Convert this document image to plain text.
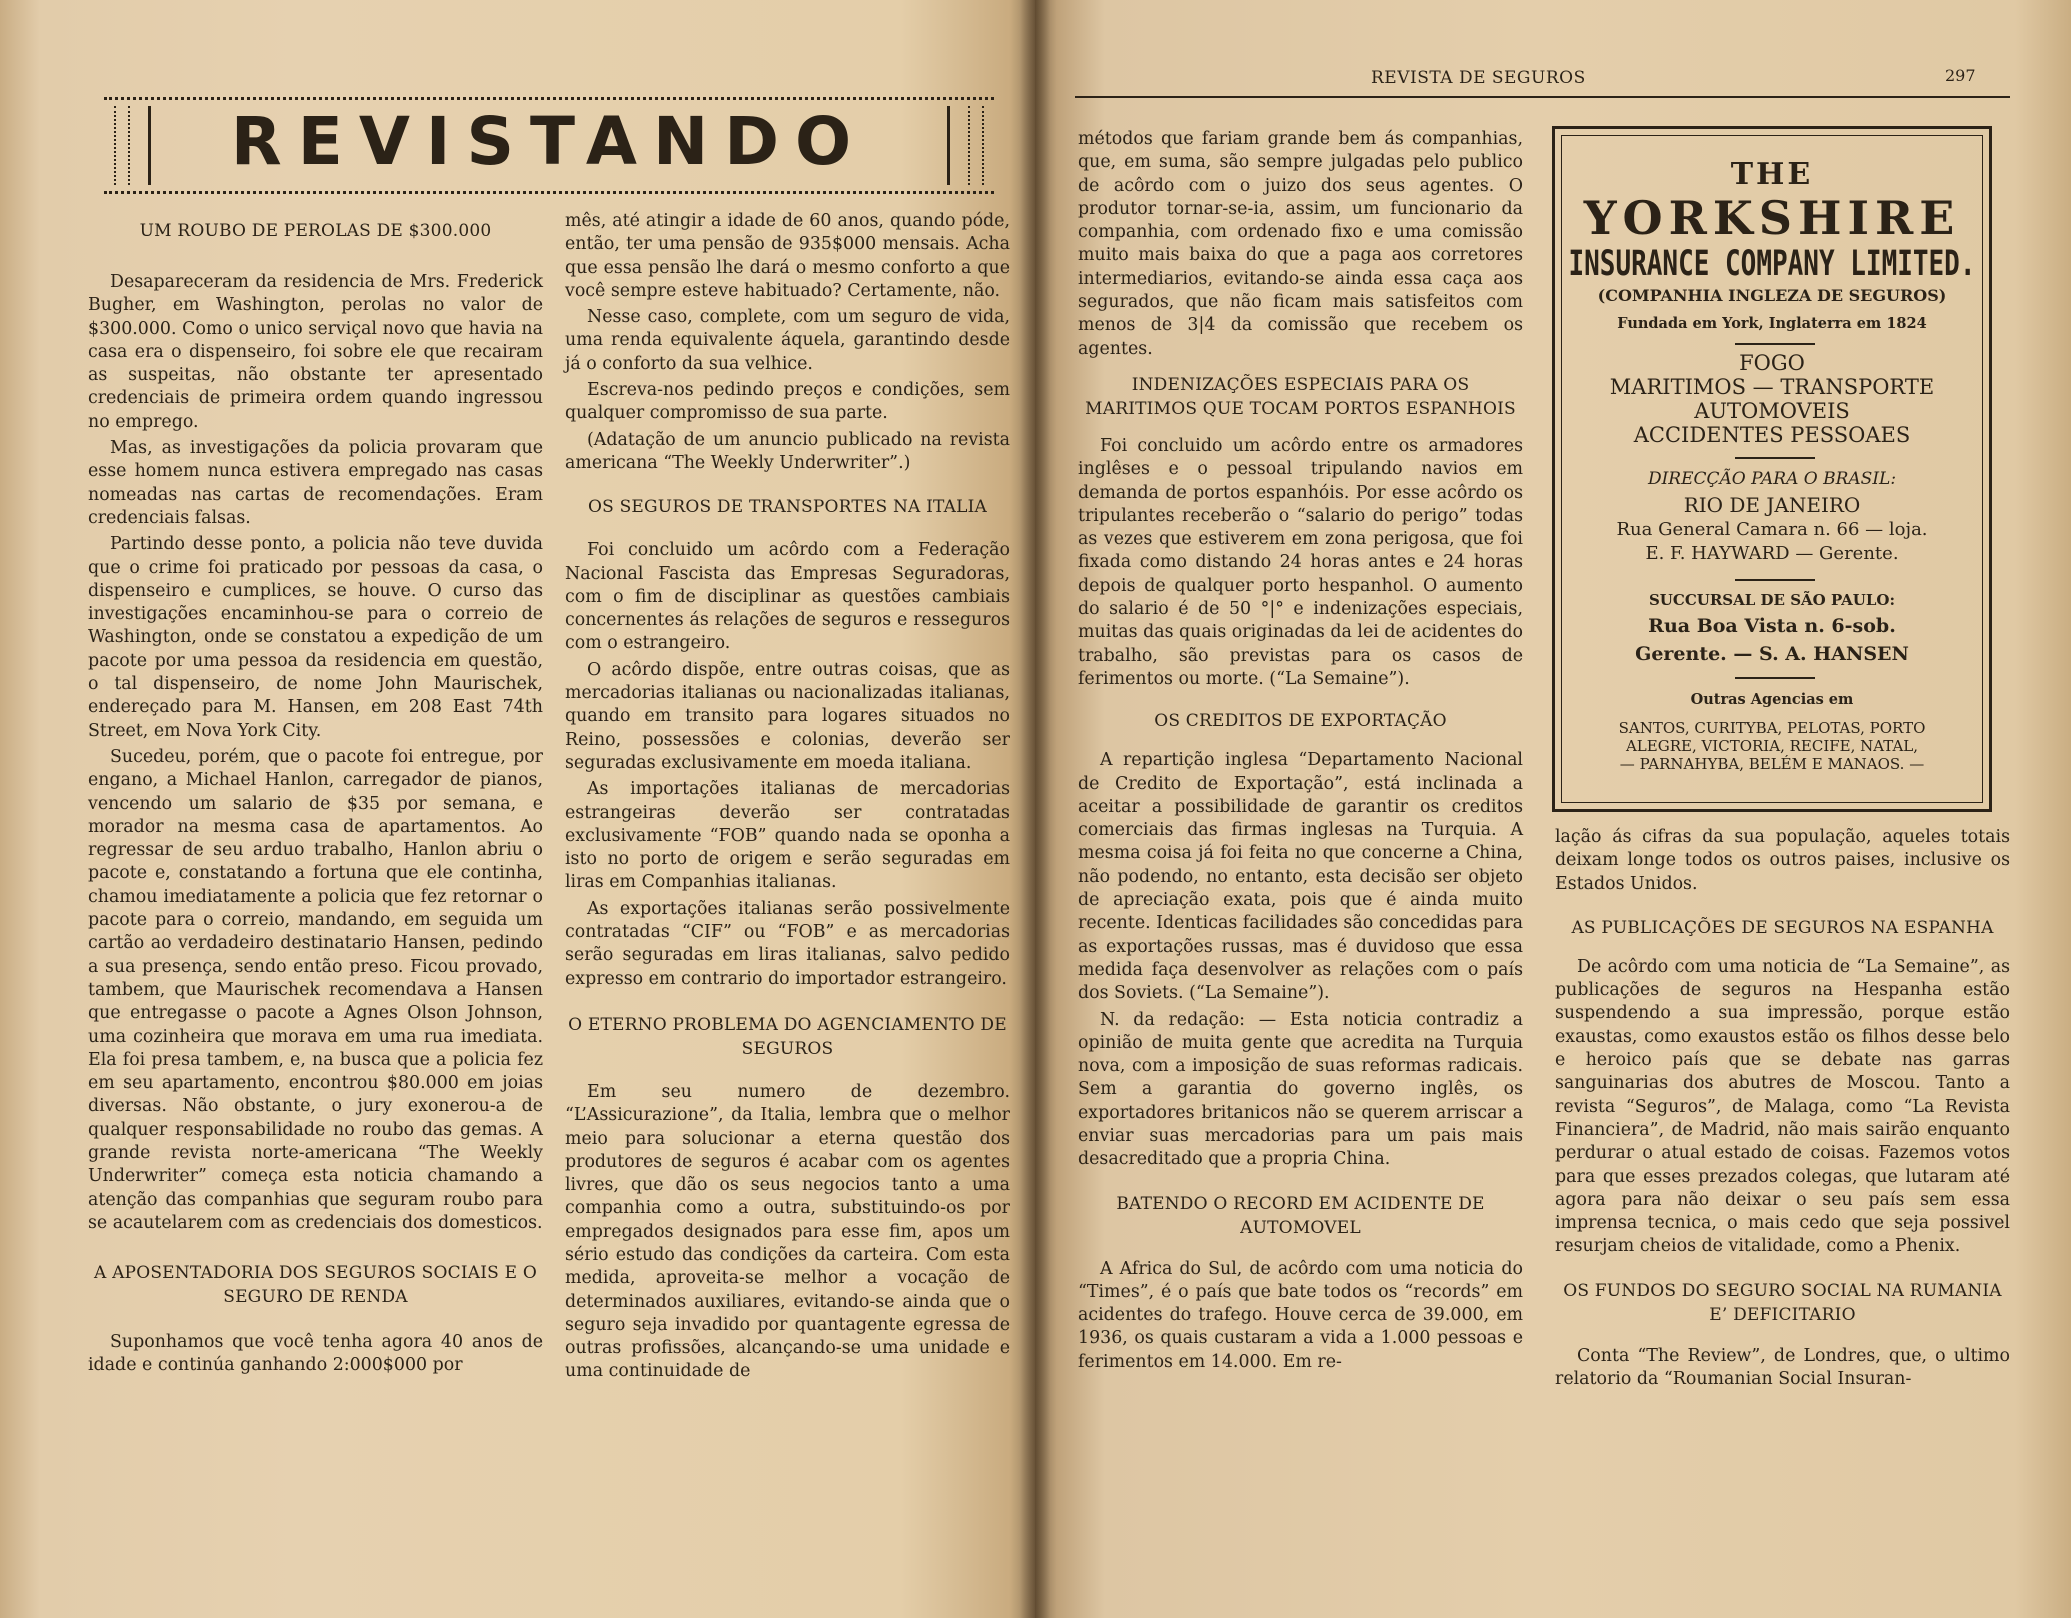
REVISTANDO
UM ROUBO DE PEROLAS DE $300.000

Desapareceram da residencia de Mrs. Frederick Bugher, em Washington, perolas no valor de $300.000. Como o unico serviçal novo que havia na casa era o dispenseiro, foi sobre ele que recairam as suspeitas, não obstante ter apresentado credenciais de primeira ordem quando ingressou no emprego.

Mas, as investigações da policia provaram que esse homem nunca estivera empregado nas casas nomeadas nas cartas de recomendações. Eram credenciais falsas.

Partindo desse ponto, a policia não teve duvida que o crime foi praticado por pessoas da casa, o dispenseiro e cumplices, se houve. O curso das investigações encaminhou-se para o correio de Washington, onde se constatou a expedição de um pacote por uma pessoa da residencia em questão, o tal dispenseiro, de nome John Maurischek, endereçado para M. Hansen, em 208 East 74th Street, em Nova York City.

Sucedeu, porém, que o pacote foi entregue, por engano, a Michael Hanlon, carregador de pianos, vencendo um salario de $35 por semana, e morador na mesma casa de apartamentos. Ao regressar de seu arduo trabalho, Hanlon abriu o pacote e, constatando a fortuna que ele continha, chamou imediatamente a policia que fez retornar o pacote para o correio, mandando, em seguida um cartão ao verdadeiro destinatario Hansen, pedindo a sua presença, sendo então preso. Ficou provado, tambem, que Maurischek recomendava a Hansen que entregasse o pacote a Agnes Olson Johnson, uma cozinheira que morava em uma rua imediata. Ela foi presa tambem, e, na busca que a policia fez em seu apartamento, encontrou $80.000 em joias diversas. Não obstante, o jury exonerou-a de qualquer responsabilidade no roubo das gemas. A grande revista norte-americana “The Weekly Underwriter” começa esta noticia chamando a atenção das companhias que seguram roubo para se acautelarem com as credenciais dos domesticos.

A APOSENTADORIA DOS SEGUROS SOCIAIS E O SEGURO DE RENDA

Suponhamos que você tenha agora 40 anos de idade e continúa ganhando 2:000$000 por

mês, até atingir a idade de 60 anos, quando póde, então, ter uma pensão de 935$000 mensais. Acha que essa pensão lhe dará o mesmo conforto a que você sempre esteve habituado? Certamente, não.

Nesse caso, complete, com um seguro de vida, uma renda equivalente áquela, garantindo desde já o conforto da sua velhice.

Escreva-nos pedindo preços e condições, sem qualquer compromisso de sua parte.

(Adatação de um anuncio publicado na revista americana “The Weekly Underwriter”.)

OS SEGUROS DE TRANSPORTES NA ITALIA

Foi concluido um acôrdo com a Federação Nacional Fascista das Empresas Seguradoras, com o fim de disciplinar as questões cambiais concernentes ás relações de seguros e resseguros com o estrangeiro.

O acôrdo dispõe, entre outras coisas, que as mercadorias italianas ou nacionalizadas italianas, quando em transito para logares situados no Reino, possessões e colonias, deverão ser seguradas exclusivamente em moeda italiana.

As importações italianas de mercadorias estrangeiras deverão ser contratadas exclusivamente “FOB” quando nada se oponha a isto no porto de origem e serão seguradas em liras em Companhias italianas.

As exportações italianas serão possivelmente contratadas “CIF” ou “FOB” e as mercadorias serão seguradas em liras italianas, salvo pedido expresso em contrario do importador estrangeiro.

O ETERNO PROBLEMA DO AGENCIAMENTO DE SEGUROS

Em seu numero de dezembro. “L’Assicurazione”, da Italia, lembra que o melhor meio para solucionar a eterna questão dos produtores de seguros é acabar com os agentes livres, que dão os seus negocios tanto a uma companhia como a outra, substituindo-os por empregados designados para esse fim, apos um sério estudo das condições da carteira. Com esta medida, aproveita-se melhor a vocação de determinados auxiliares, evitando-se ainda que o seguro seja invadido por quantagente egressa de outras profissões, alcançando-se uma unidade e uma continuidade de

REVISTA DE SEGUROS	297

métodos que fariam grande bem ás companhias, que, em suma, são sempre julgadas pelo publico de acôrdo com o juizo dos seus agentes. O produtor tornar-se-ia, assim, um funcionario da companhia, com ordenado fixo e uma comissão muito mais baixa do que a paga aos corretores intermediarios, evitando-se ainda essa caça aos segurados, que não ficam mais satisfeitos com menos de 3|4 da comissão que recebem os agentes.

INDENIZAÇÕES ESPECIAIS PARA OS MARITIMOS QUE TOCAM PORTOS ESPANHOIS

Foi concluido um acôrdo entre os armadores inglêses e o pessoal tripulando navios em demanda de portos espanhóis. Por esse acôrdo os tripulantes receberão o “salario do perigo” todas as vezes que estiverem em zona perigosa, que foi fixada como distando 24 horas antes e 24 horas depois de qualquer porto hespanhol. O aumento do salario é de 50 °|° e indenizações especiais, muitas das quais originadas da lei de acidentes do trabalho, são previstas para os casos de ferimentos ou morte. (“La Semaine”).

OS CREDITOS DE EXPORTAÇÃO

A repartição inglesa “Departamento Nacional de Credito de Exportação”, está inclinada a aceitar a possibilidade de garantir os creditos comerciais das firmas inglesas na Turquia. A mesma coisa já foi feita no que concerne a China, não podendo, no entanto, esta decisão ser objeto de apreciação exata, pois que é ainda muito recente. Identicas facilidades são concedidas para as exportações russas, mas é duvidoso que essa medida faça desenvolver as relações com o país dos Soviets. (“La Semaine”).

N. da redação: — Esta noticia contradiz a opinião de muita gente que acredita na Turquia nova, com a imposição de suas reformas radicais. Sem a garantia do governo inglês, os exportadores britanicos não se querem arriscar a enviar suas mercadorias para um pais mais desacreditado que a propria China.

BATENDO O RECORD EM ACIDENTE DE AUTOMOVEL

A Africa do Sul, de acôrdo com uma noticia do “Times”, é o país que bate todos os “records” em acidentes do trafego. Houve cerca de 39.000, em 1936, os quais custaram a vida a 1.000 pessoas e ferimentos em 14.000. Em re-

THE
YORKSHIRE
INSURANCE COMPANY LIMITED.
(COMPANHIA INGLEZA DE SEGUROS)
Fundada em York, Inglaterra em 1824
FOGO
MARITIMOS — TRANSPORTE
AUTOMOVEIS
ACCIDENTES PESSOAES
DIRECÇÃO PARA O BRASIL:
RIO DE JANEIRO
Rua General Camara n. 66 — loja.
E. F. HAYWARD — Gerente.
SUCCURSAL DE SÃO PAULO:
Rua Boa Vista n. 6-sob.
Gerente. — S. A. HANSEN
Outras Agencias em
SANTOS, CURITYBA, PELOTAS, PORTO
ALEGRE, VICTORIA, RECIFE, NATAL,
— PARNAHYBA, BELÉM E MANAOS. —

lação ás cifras da sua população, aqueles totais deixam longe todos os outros paises, inclusive os Estados Unidos.

AS PUBLICAÇÕES DE SEGUROS NA ESPANHA

De acôrdo com uma noticia de “La Semaine”, as publicações de seguros na Hespanha estão suspendendo a sua impressão, porque estão exaustas, como exaustos estão os filhos desse belo e heroico país que se debate nas garras sanguinarias dos abutres de Moscou. Tanto a revista “Seguros”, de Malaga, como “La Revista Financiera”, de Madrid, não mais sairão enquanto perdurar o atual estado de coisas. Fazemos votos para que esses prezados colegas, que lutaram até agora para não deixar o seu país sem essa imprensa tecnica, o mais cedo que seja possivel resurjam cheios de vitalidade, como a Phenix.

OS FUNDOS DO SEGURO SOCIAL NA RUMANIA E’ DEFICITARIO

Conta “The Review”, de Londres, que, o ultimo relatorio da “Roumanian Social Insuran-
